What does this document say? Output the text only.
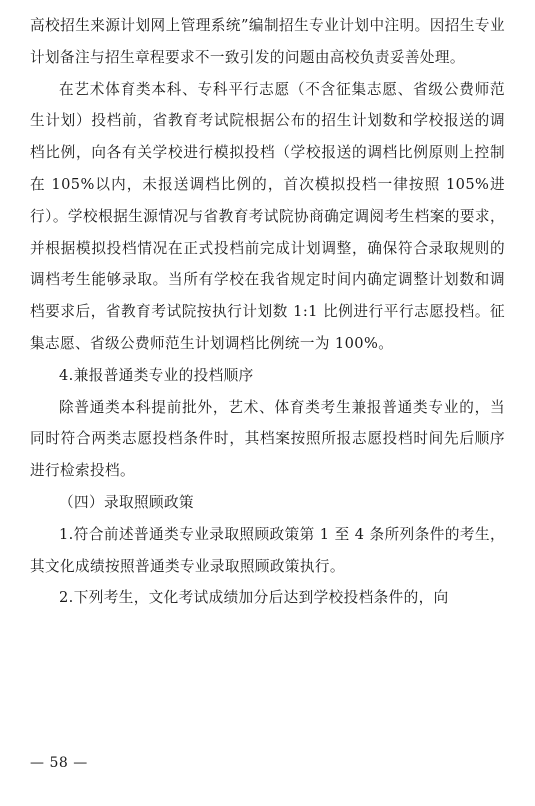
高校招生来源计划网上管理系统”编制招生专业计划中注明。因招生专业计划备注与招生章程要求不一致引发的问题由高校负责妥善处理。

在艺术体育类本科、专科平行志愿（不含征集志愿、省级公费师范生计划）投档前，省教育考试院根据公布的招生计划数和学校报送的调档比例，向各有关学校进行模拟投档（学校报送的调档比例原则上控制在 105%以内，未报送调档比例的，首次模拟投档一律按照 105%进行）。学校根据生源情况与省教育考试院协商确定调阅考生档案的要求，并根据模拟投档情况在正式投档前完成计划调整，确保符合录取规则的调档考生能够录取。当所有学校在我省规定时间内确定调整计划数和调档要求后，省教育考试院按执行计划数 1:1 比例进行平行志愿投档。征集志愿、省级公费师范生计划调档比例统一为 100%。

4.兼报普通类专业的投档顺序

除普通类本科提前批外，艺术、体育类考生兼报普通类专业的，当同时符合两类志愿投档条件时，其档案按照所报志愿投档时间先后顺序进行检索投档。

（四）录取照顾政策

1.符合前述普通类专业录取照顾政策第 1 至 4 条所列条件的考生，其文化成绩按照普通类专业录取照顾政策执行。

2.下列考生，文化考试成绩加分后达到学校投档条件的，向

— 58 —
